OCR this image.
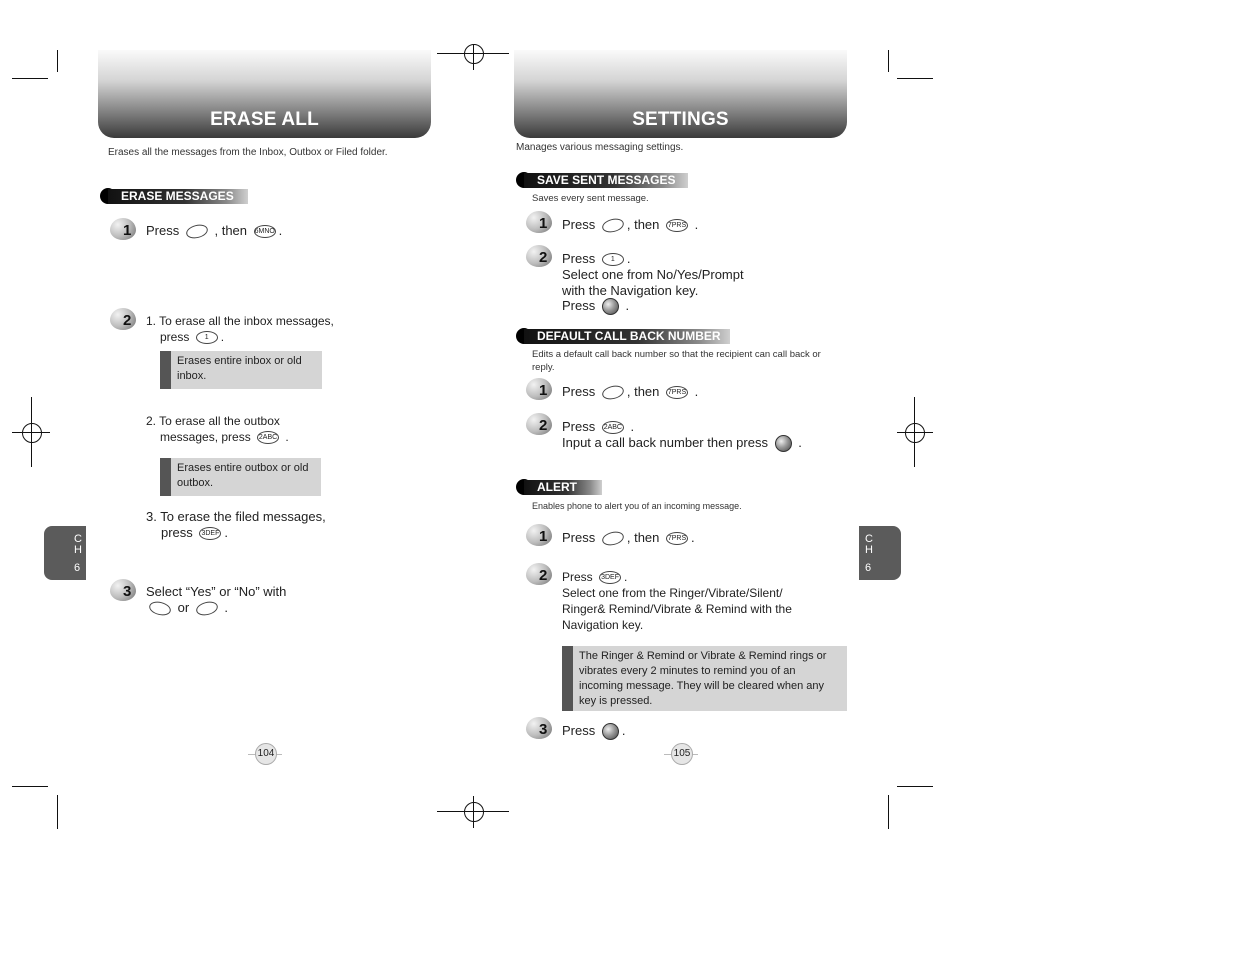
ERASE ALL
Erases all the messages from the Inbox, Outbox or Filed folder.
ERASE MESSAGES
1 Press	, then 6MNO .
2 1. To erase all the inbox messages,
press 1 .
Erases entire inbox or old
inbox.
2. To erase all the outbox
messages, press 2ABC .
Erases entire outbox or old
outbox.
3. To erase the filed messages,
press 3DEF .
3 Select “Yes” or “No” with
or  .
C
H
6
104
SETTINGS
Manages various messaging settings.
SAVE SENT MESSAGES
Saves every sent message.
1 Press , then 7PRS .
2 Press 1 .
Select one from No/Yes/Prompt
with the Navigation key.
Press  .
DEFAULT CALL BACK NUMBER
Edits a default call back number so that the recipient can call back or
reply.
1 Press , then 7PRS .
2 Press 2ABC .
Input a call back number then press  .
ALERT
Enables phone to alert you of an incoming message.
1 Press , then 7PRS .
2 Press 3DEF .
Select one from the Ringer/Vibrate/Silent/
Ringer& Remind/Vibrate & Remind with the
Navigation key.
The Ringer & Remind or Vibrate & Remind rings or
vibrates every 2 minutes to remind you of an
incoming message. They will be cleared when any
key is pressed.
3 Press .
C
H
6
105
